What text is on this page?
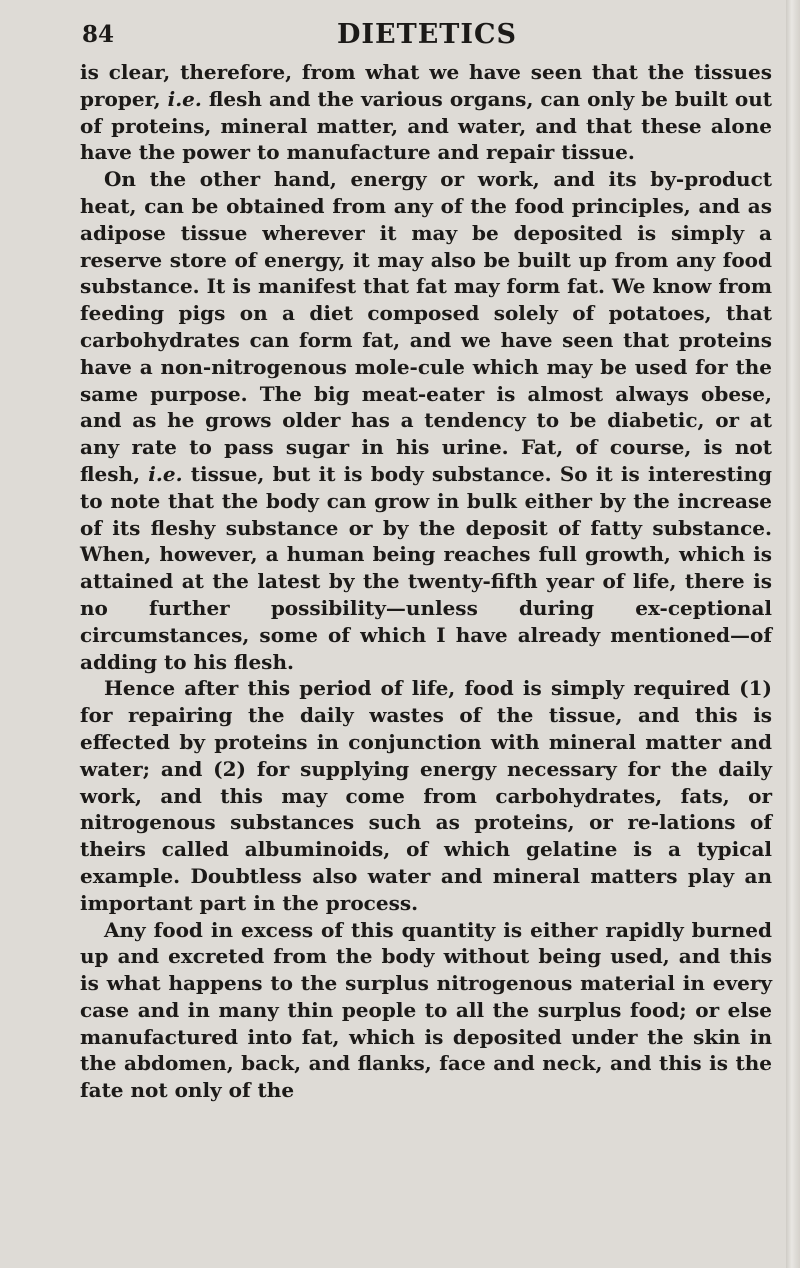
84	DIETETICS

is clear, therefore, from what we have seen that the tissues proper, i.e. flesh and the various organs, can only be built out of proteins, mineral matter, and water, and that these alone have the power to manufacture and repair tissue.

On the other hand, energy or work, and its by-product heat, can be obtained from any of the food principles, and as adipose tissue wherever it may be deposited is simply a reserve store of energy, it may also be built up from any food substance. It is manifest that fat may form fat. We know from feeding pigs on a diet composed solely of potatoes, that carbohydrates can form fat, and we have seen that proteins have a non-nitrogenous mole-cule which may be used for the same purpose. The big meat-eater is almost always obese, and as he grows older has a tendency to be diabetic, or at any rate to pass sugar in his urine. Fat, of course, is not flesh, i.e. tissue, but it is body substance. So it is interesting to note that the body can grow in bulk either by the increase of its fleshy substance or by the deposit of fatty substance. When, however, a human being reaches full growth, which is attained at the latest by the twenty-fifth year of life, there is no further possibility—unless during ex-ceptional circumstances, some of which I have already mentioned—of adding to his flesh.

Hence after this period of life, food is simply required (1) for repairing the daily wastes of the tissue, and this is effected by proteins in conjunction with mineral matter and water; and (2) for supplying energy necessary for the daily work, and this may come from carbohydrates, fats, or nitrogenous substances such as proteins, or re-lations of theirs called albuminoids, of which gelatine is a typical example. Doubtless also water and mineral matters play an important part in the process.

Any food in excess of this quantity is either rapidly burned up and excreted from the body without being used, and this is what happens to the surplus nitrogenous material in every case and in many thin people to all the surplus food; or else manufactured into fat, which is deposited under the skin in the abdomen, back, and flanks, face and neck, and this is the fate not only of the
